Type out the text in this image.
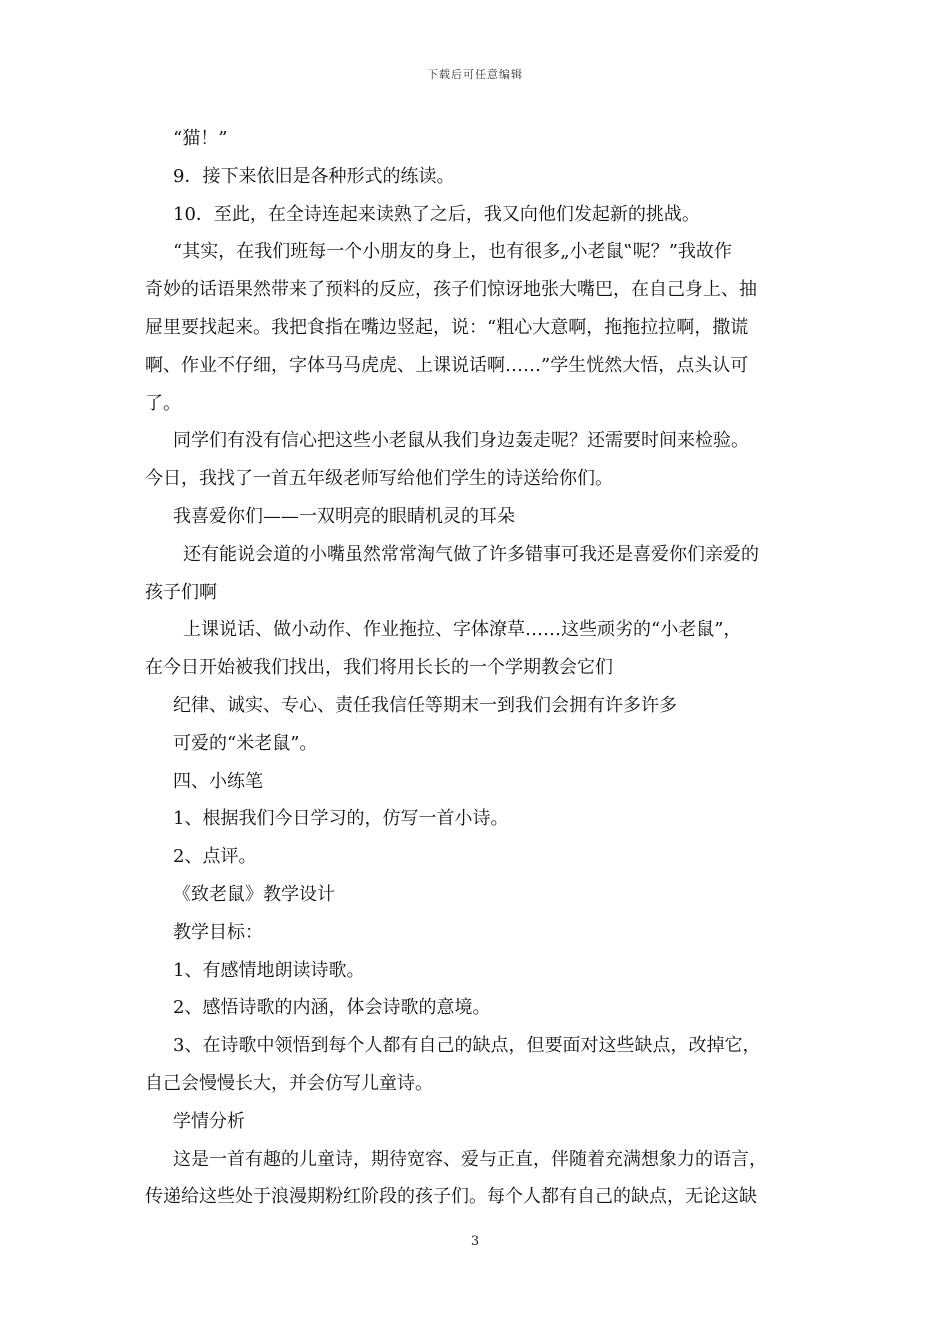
下载后可任意编辑

“猫！”

9．接下来依旧是各种形式的练读。

10．至此，在全诗连起来读熟了之后，我又向他们发起新的挑战。

“其实，在我们班每一个小朋友的身上，也有很多„小老鼠‟呢？”我故作

奇妙的话语果然带来了预料的反应，孩子们惊讶地张大嘴巴，在自己身上、抽

屉里要找起来。我把食指在嘴边竖起，说：“粗心大意啊，拖拖拉拉啊，撒谎

啊、作业不仔细，字体马马虎虎、上课说话啊……”学生恍然大悟，点头认可

了。

同学们有没有信心把这些小老鼠从我们身边轰走呢？还需要时间来检验。

今日，我找了一首五年级老师写给他们学生的诗送给你们。

我喜爱你们——一双明亮的眼睛机灵的耳朵

还有能说会道的小嘴虽然常常淘气做了许多错事可我还是喜爱你们亲爱的

孩子们啊

上课说话、做小动作、作业拖拉、字体潦草……这些顽劣的“小老鼠”，

在今日开始被我们找出，我们将用长长的一个学期教会它们

纪律、诚实、专心、责任我信任等期末一到我们会拥有许多许多

可爱的“米老鼠”。

四、小练笔

1、根据我们今日学习的，仿写一首小诗。

2、点评。

《致老鼠》教学设计

教学目标：

1、有感情地朗读诗歌。

2、感悟诗歌的内涵，体会诗歌的意境。

3、在诗歌中领悟到每个人都有自己的缺点，但要面对这些缺点，改掉它，

自己会慢慢长大，并会仿写儿童诗。

学情分析

这是一首有趣的儿童诗，期待宽容、爱与正直，伴随着充满想象力的语言，

传递给这些处于浪漫期粉红阶段的孩子们。每个人都有自己的缺点，无论这缺

3
